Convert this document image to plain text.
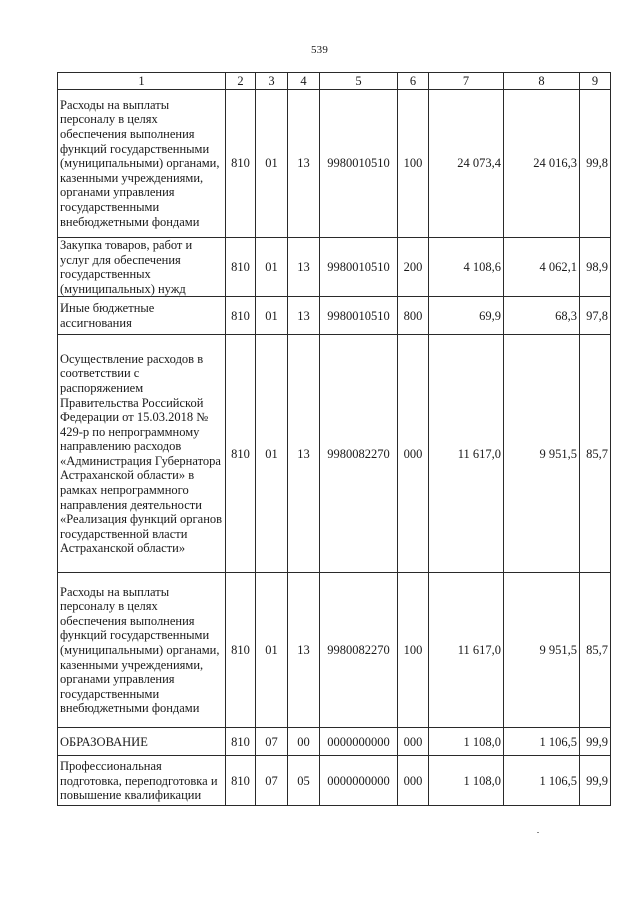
539
1	2	3	4	5	6	7	8	9
Расходы на выплаты персоналу в целях обеспечения выполнения функций государственными (муниципальными) органами, казенными учреждениями, органами управления государственными внебюджетными фондами	810	01	13	9980010510	100	24 073,4	24 016,3	99,8
Закупка товаров, работ и услуг для обеспечения государственных (муниципальных) нужд	810	01	13	9980010510	200	4 108,6	4 062,1	98,9
Иные бюджетные ассигнования	810	01	13	9980010510	800	69,9	68,3	97,8
Осуществление расходов в соответствии с распоряжением Правительства Российской Федерации от 15.03.2018 № 429-р по непрограммному направлению расходов «Администрация Губернатора Астраханской области» в рамках непрограммного направления деятельности «Реализация функций органов государственной власти Астраханской области»	810	01	13	9980082270	000	11 617,0	9 951,5	85,7
Расходы на выплаты персоналу в целях обеспечения выполнения функций государственными (муниципальными) органами, казенными учреждениями, органами управления государственными внебюджетными фондами	810	01	13	9980082270	100	11 617,0	9 951,5	85,7
ОБРАЗОВАНИЕ	810	07	00	0000000000	000	1 108,0	1 106,5	99,9
Профессиональная подготовка, переподготовка и повышение квалификации	810	07	05	0000000000	000	1 108,0	1 106,5	99,9
